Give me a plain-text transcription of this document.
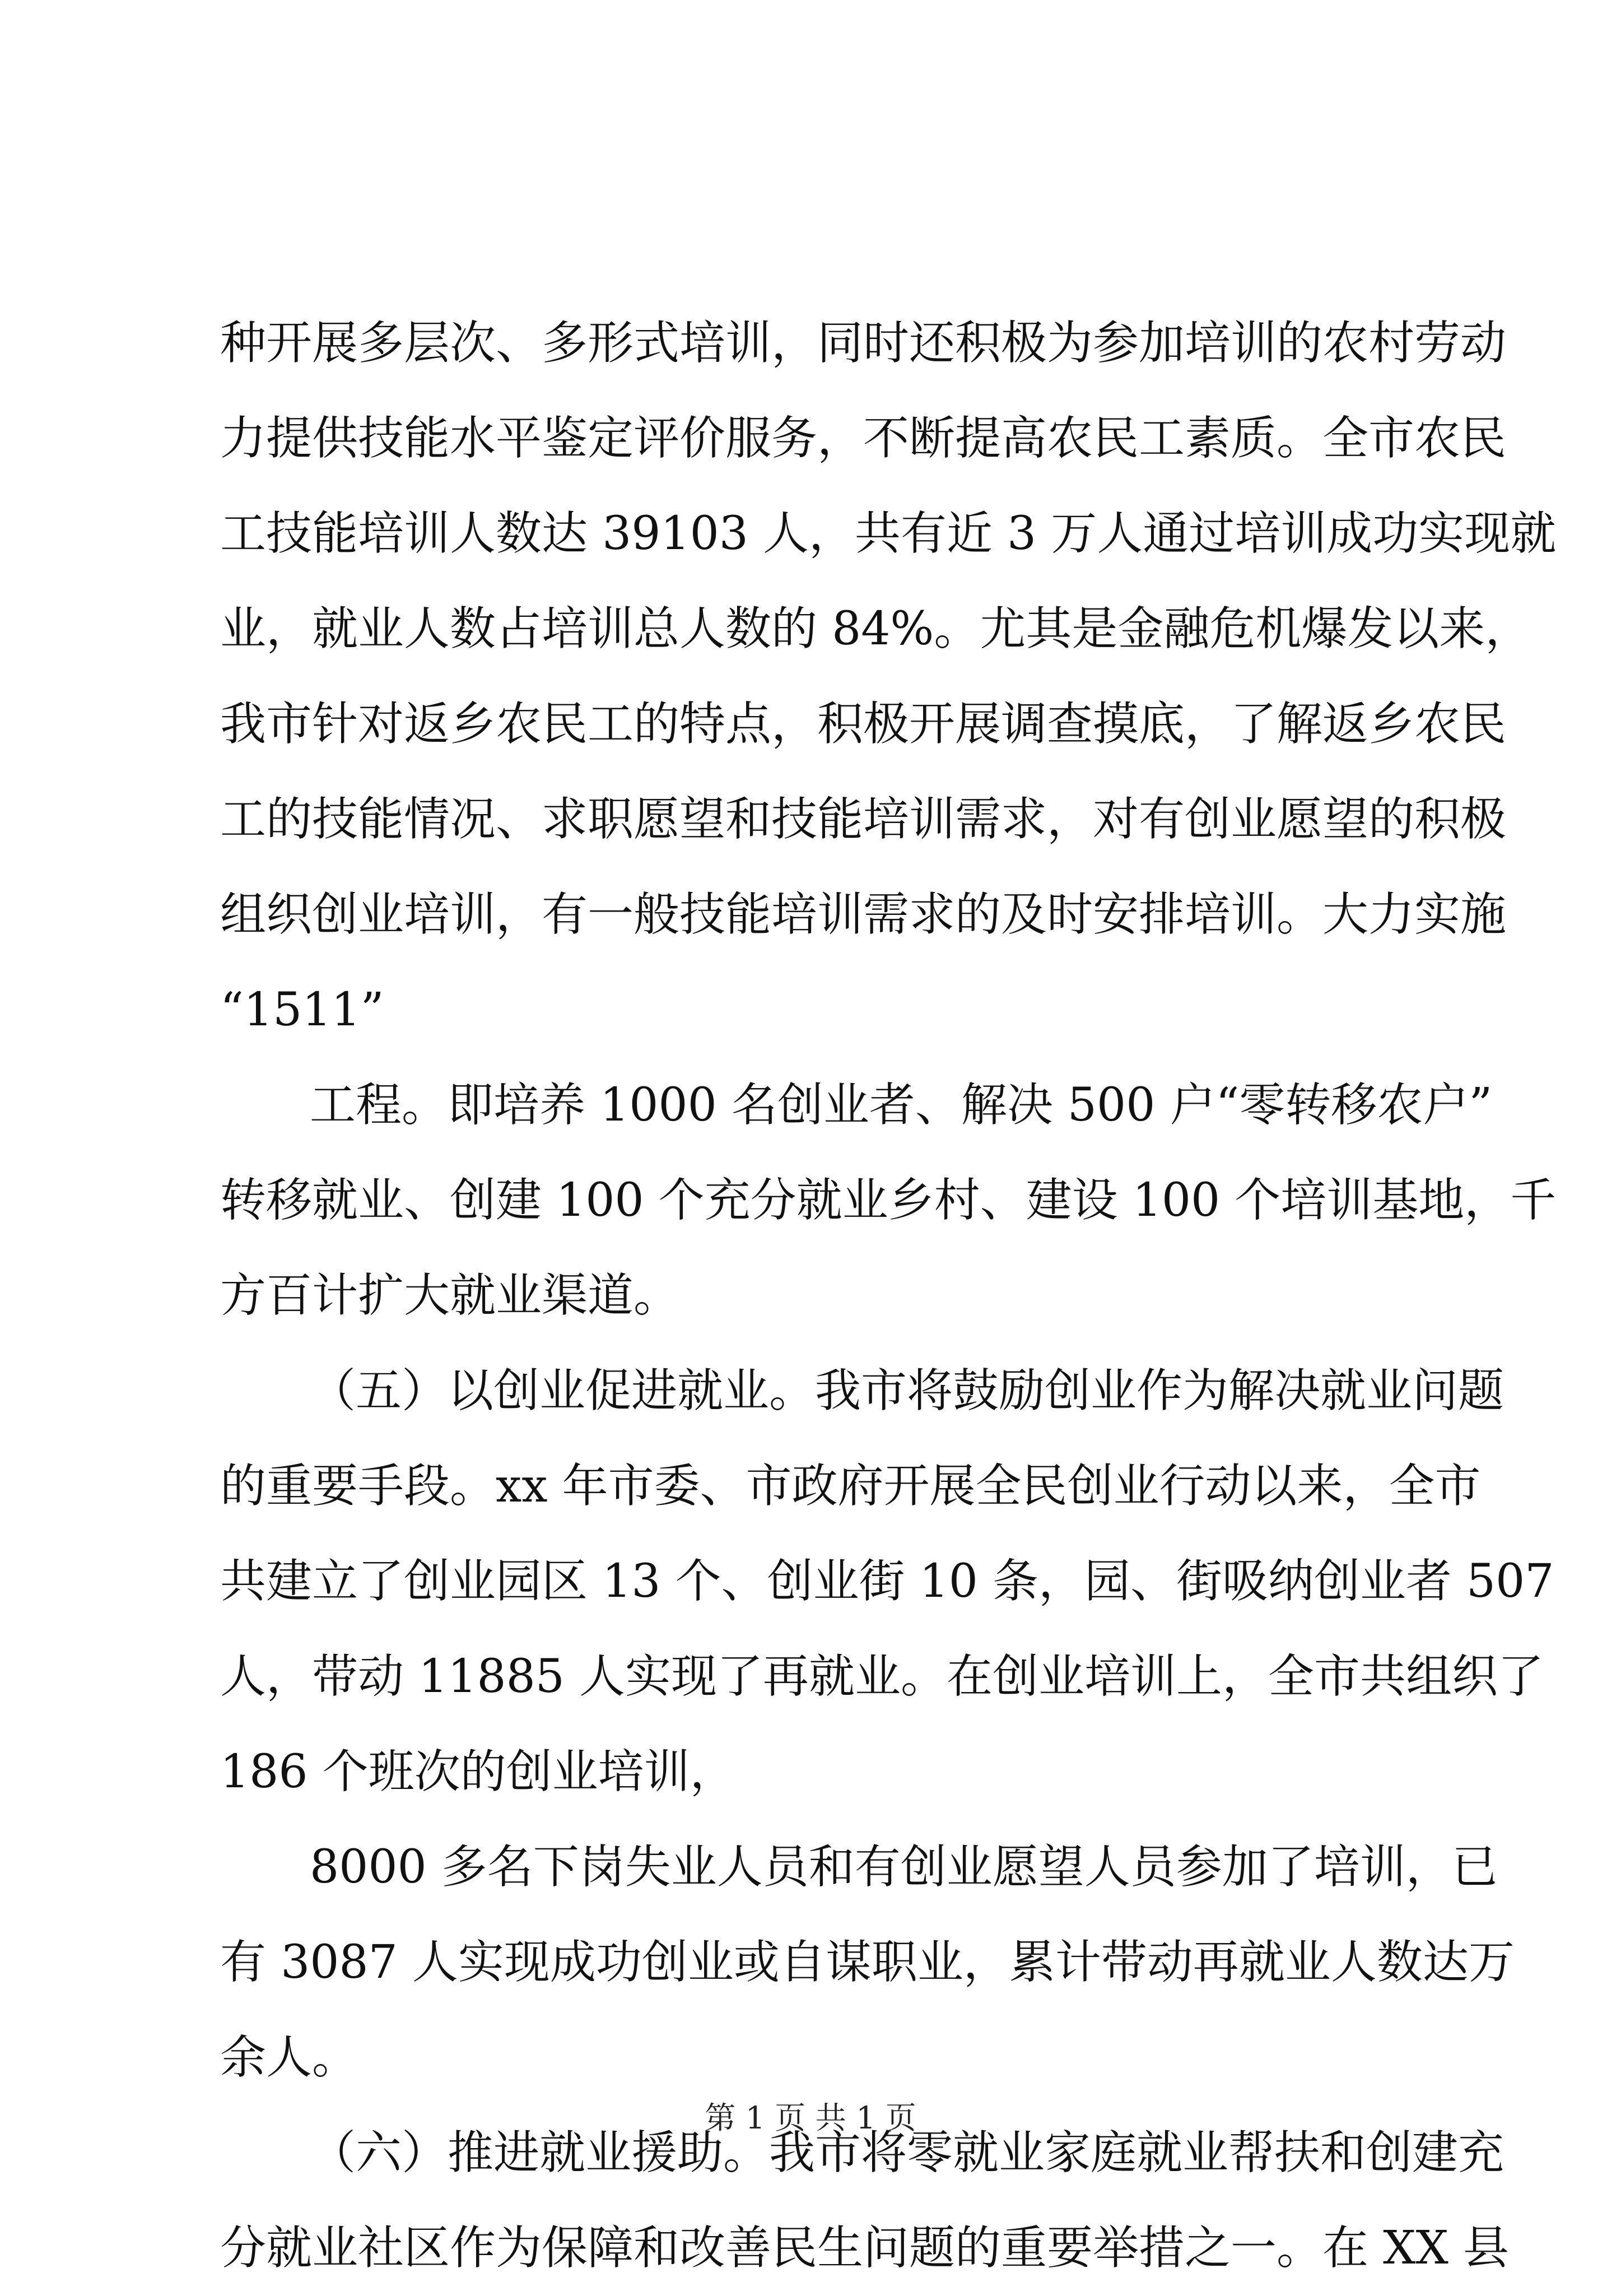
种开展多层次、多形式培训，同时还积极为参加培训的农村劳动
力提供技能水平鉴定评价服务，不断提高农民工素质。全市农民
工技能培训人数达 39103 人，共有近 3 万人通过培训成功实现就
业，就业人数占培训总人数的 84%。尤其是金融危机爆发以来，
我市针对返乡农民工的特点，积极开展调查摸底，了解返乡农民
工的技能情况、求职愿望和技能培训需求，对有创业愿望的积极
组织创业培训，有一般技能培训需求的及时安排培训。大力实施
“1511”
工程。即培养 1000 名创业者、解决 500 户“零转移农户”
转移就业、创建 100 个充分就业乡村、建设 100 个培训基地，千
方百计扩大就业渠道。
（五）以创业促进就业。我市将鼓励创业作为解决就业问题
的重要手段。xx 年市委、市政府开展全民创业行动以来，全市
共建立了创业园区 13 个、创业街 10 条，园、街吸纳创业者 507
人，带动 11885 人实现了再就业。在创业培训上，全市共组织了
186 个班次的创业培训，
8000 多名下岗失业人员和有创业愿望人员参加了培训，已
有 3087 人实现成功创业或自谋职业，累计带动再就业人数达万
余人。
（六）推进就业援助。我市将零就业家庭就业帮扶和创建充
分就业社区作为保障和改善民生问题的重要举措之一。在 XX 县
第 1 页 共 1 页
